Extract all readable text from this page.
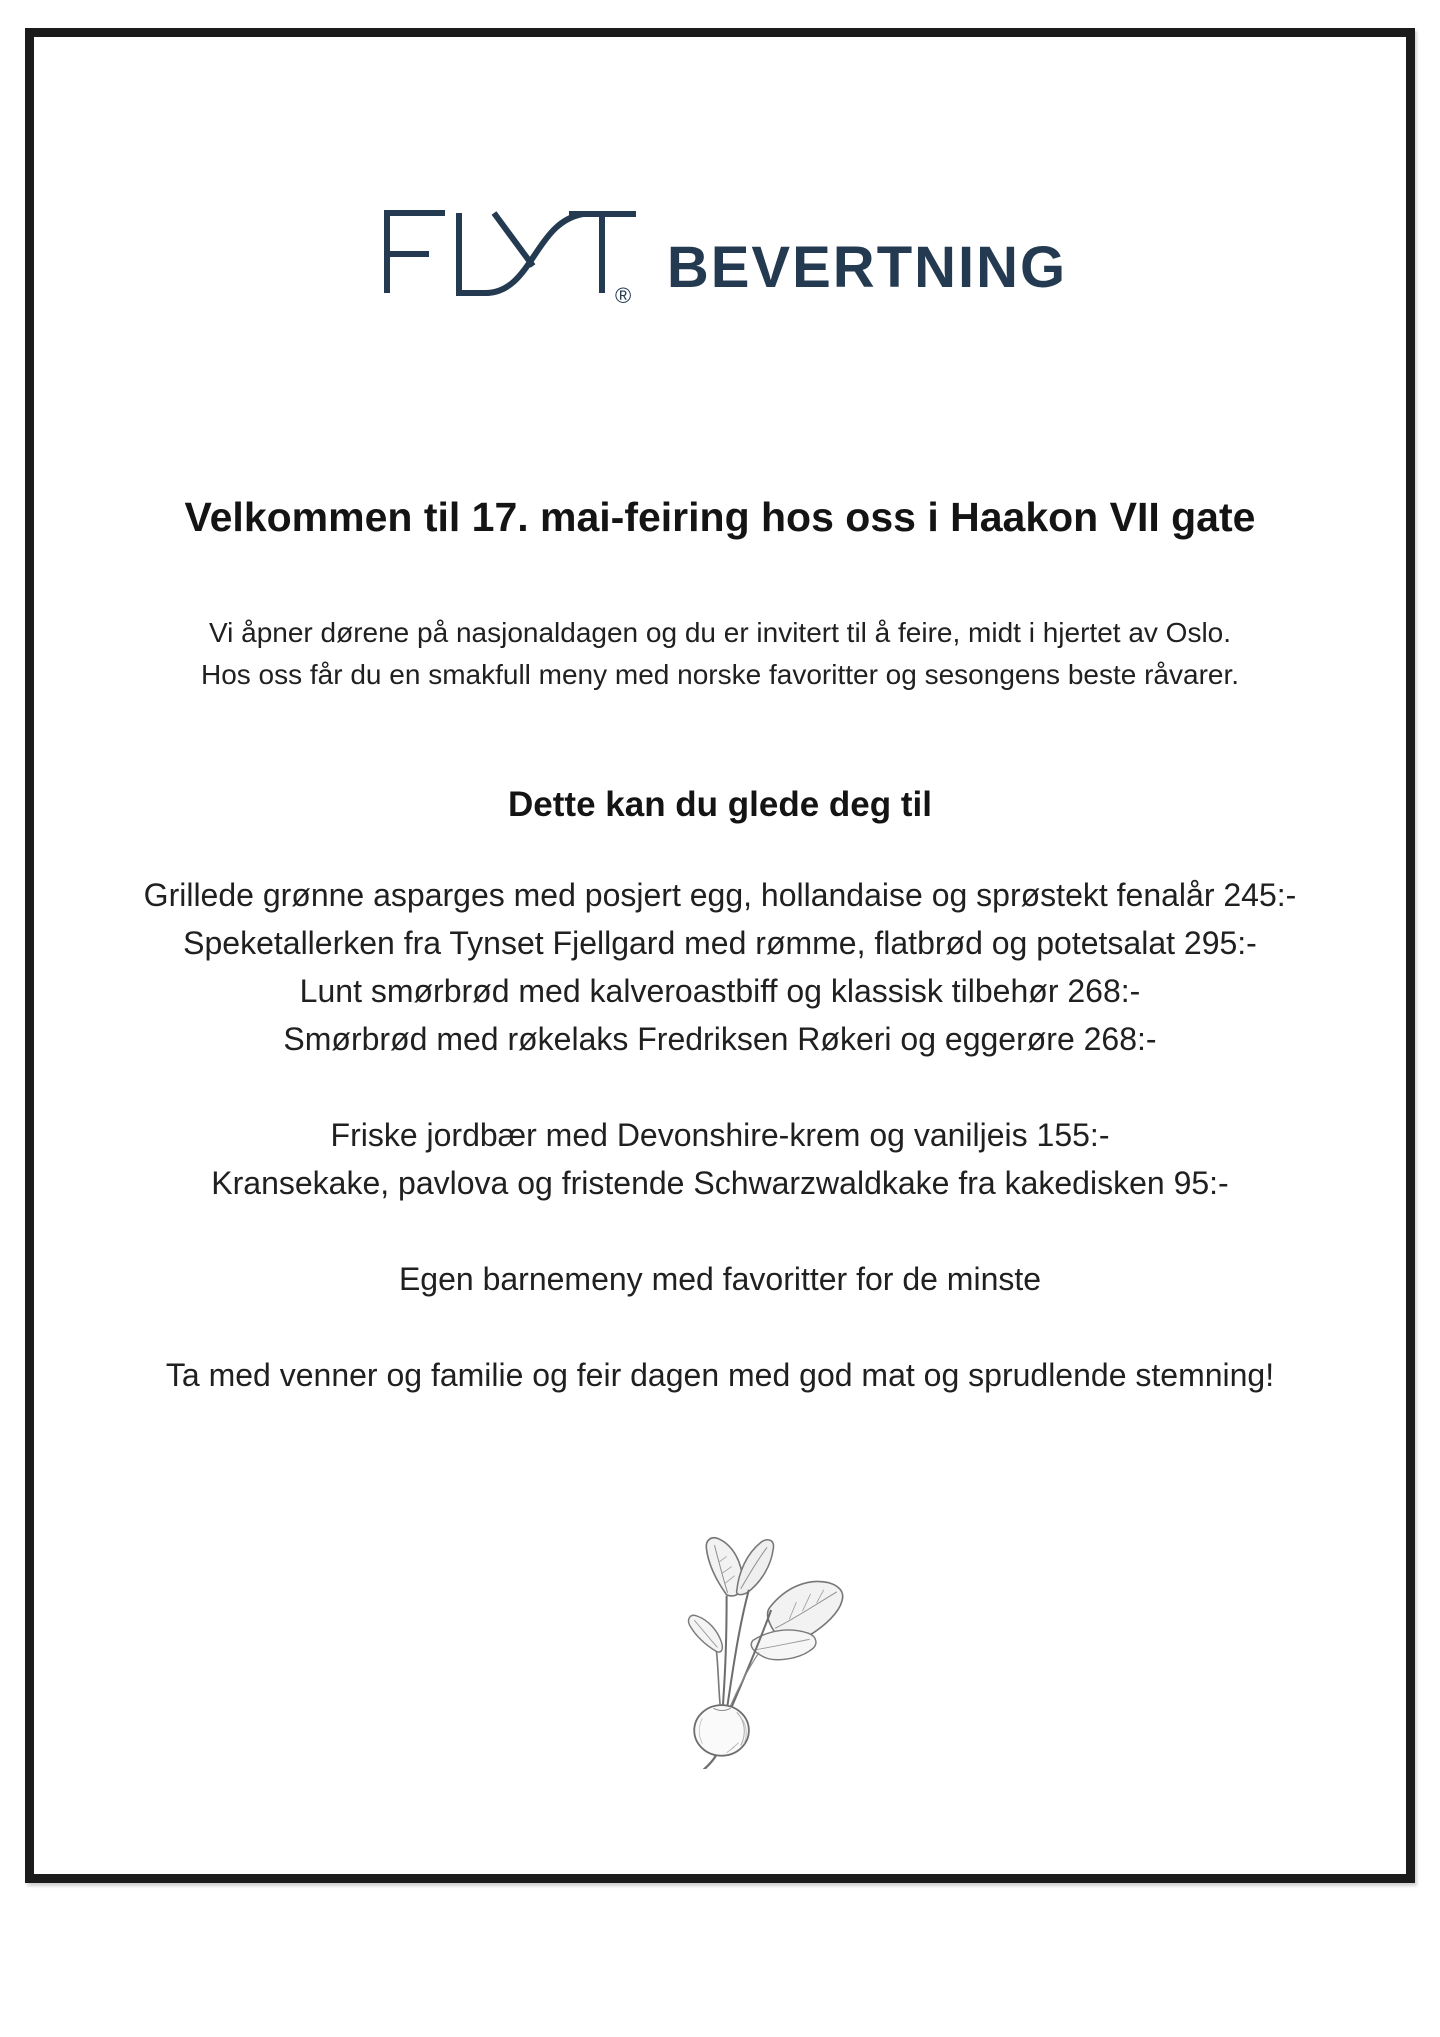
® BEVERTNING
Velkommen til 17. mai-feiring hos oss i Haakon VII gate

Vi åpner dørene på nasjonaldagen og du er invitert til å feire, midt i hjertet av Oslo.
Hos oss får du en smakfull meny med norske favoritter og sesongens beste råvarer.

Dette kan du glede deg til
Grillede grønne asparges med posjert egg, hollandaise og sprøstekt fenalår 245:-
Speketallerken fra Tynset Fjellgard med rømme, flatbrød og potetsalat 295:-
Lunt smørbrød med kalveroastbiff og klassisk tilbehør 268:-
Smørbrød med røkelaks Fredriksen Røkeri og eggerøre 268:-
Friske jordbær med Devonshire-krem og vaniljeis 155:-
Kransekake, pavlova og fristende Schwarzwaldkake fra kakedisken 95:-
Egen barnemeny med favoritter for de minste
Ta med venner og familie og feir dagen med god mat og sprudlende stemning!
